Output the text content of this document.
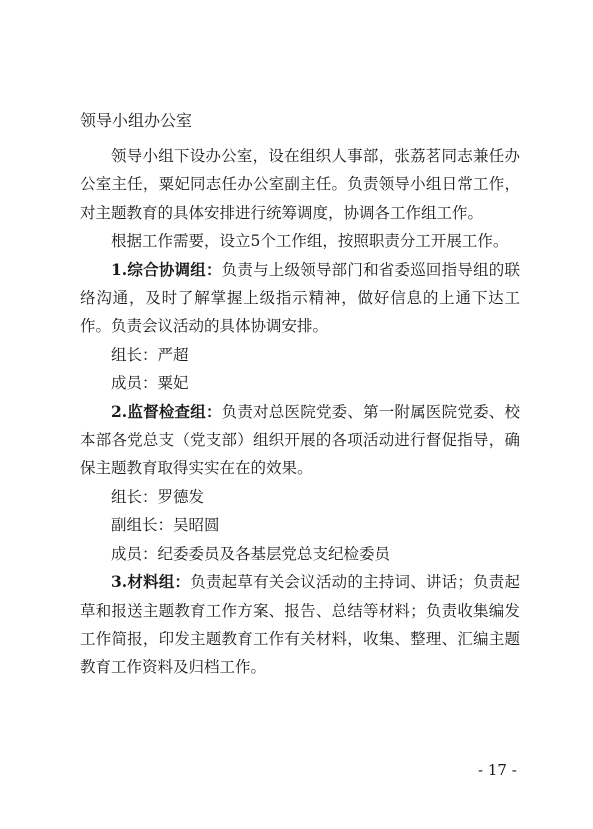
领导小组办公室

领导小组下设办公室，设在组织人事部，张荔茗同志兼任办公室主任，粟妃同志任办公室副主任。负责领导小组日常工作，对主题教育的具体安排进行统筹调度，协调各工作组工作。

根据工作需要，设立5个工作组，按照职责分工开展工作。

1.综合协调组：负责与上级领导部门和省委巡回指导组的联络沟通，及时了解掌握上级指示精神，做好信息的上通下达工作。负责会议活动的具体协调安排。

组长：严超

成员：粟妃

2.监督检查组：负责对总医院党委、第一附属医院党委、校本部各党总支（党支部）组织开展的各项活动进行督促指导，确保主题教育取得实实在在的效果。

组长：罗德发

副组长：吴昭圆

成员：纪委委员及各基层党总支纪检委员

3.材料组：负责起草有关会议活动的主持词、讲话；负责起草和报送主题教育工作方案、报告、总结等材料；负责收集编发工作简报，印发主题教育工作有关材料，收集、整理、汇编主题教育工作资料及归档工作。

- 17 -
